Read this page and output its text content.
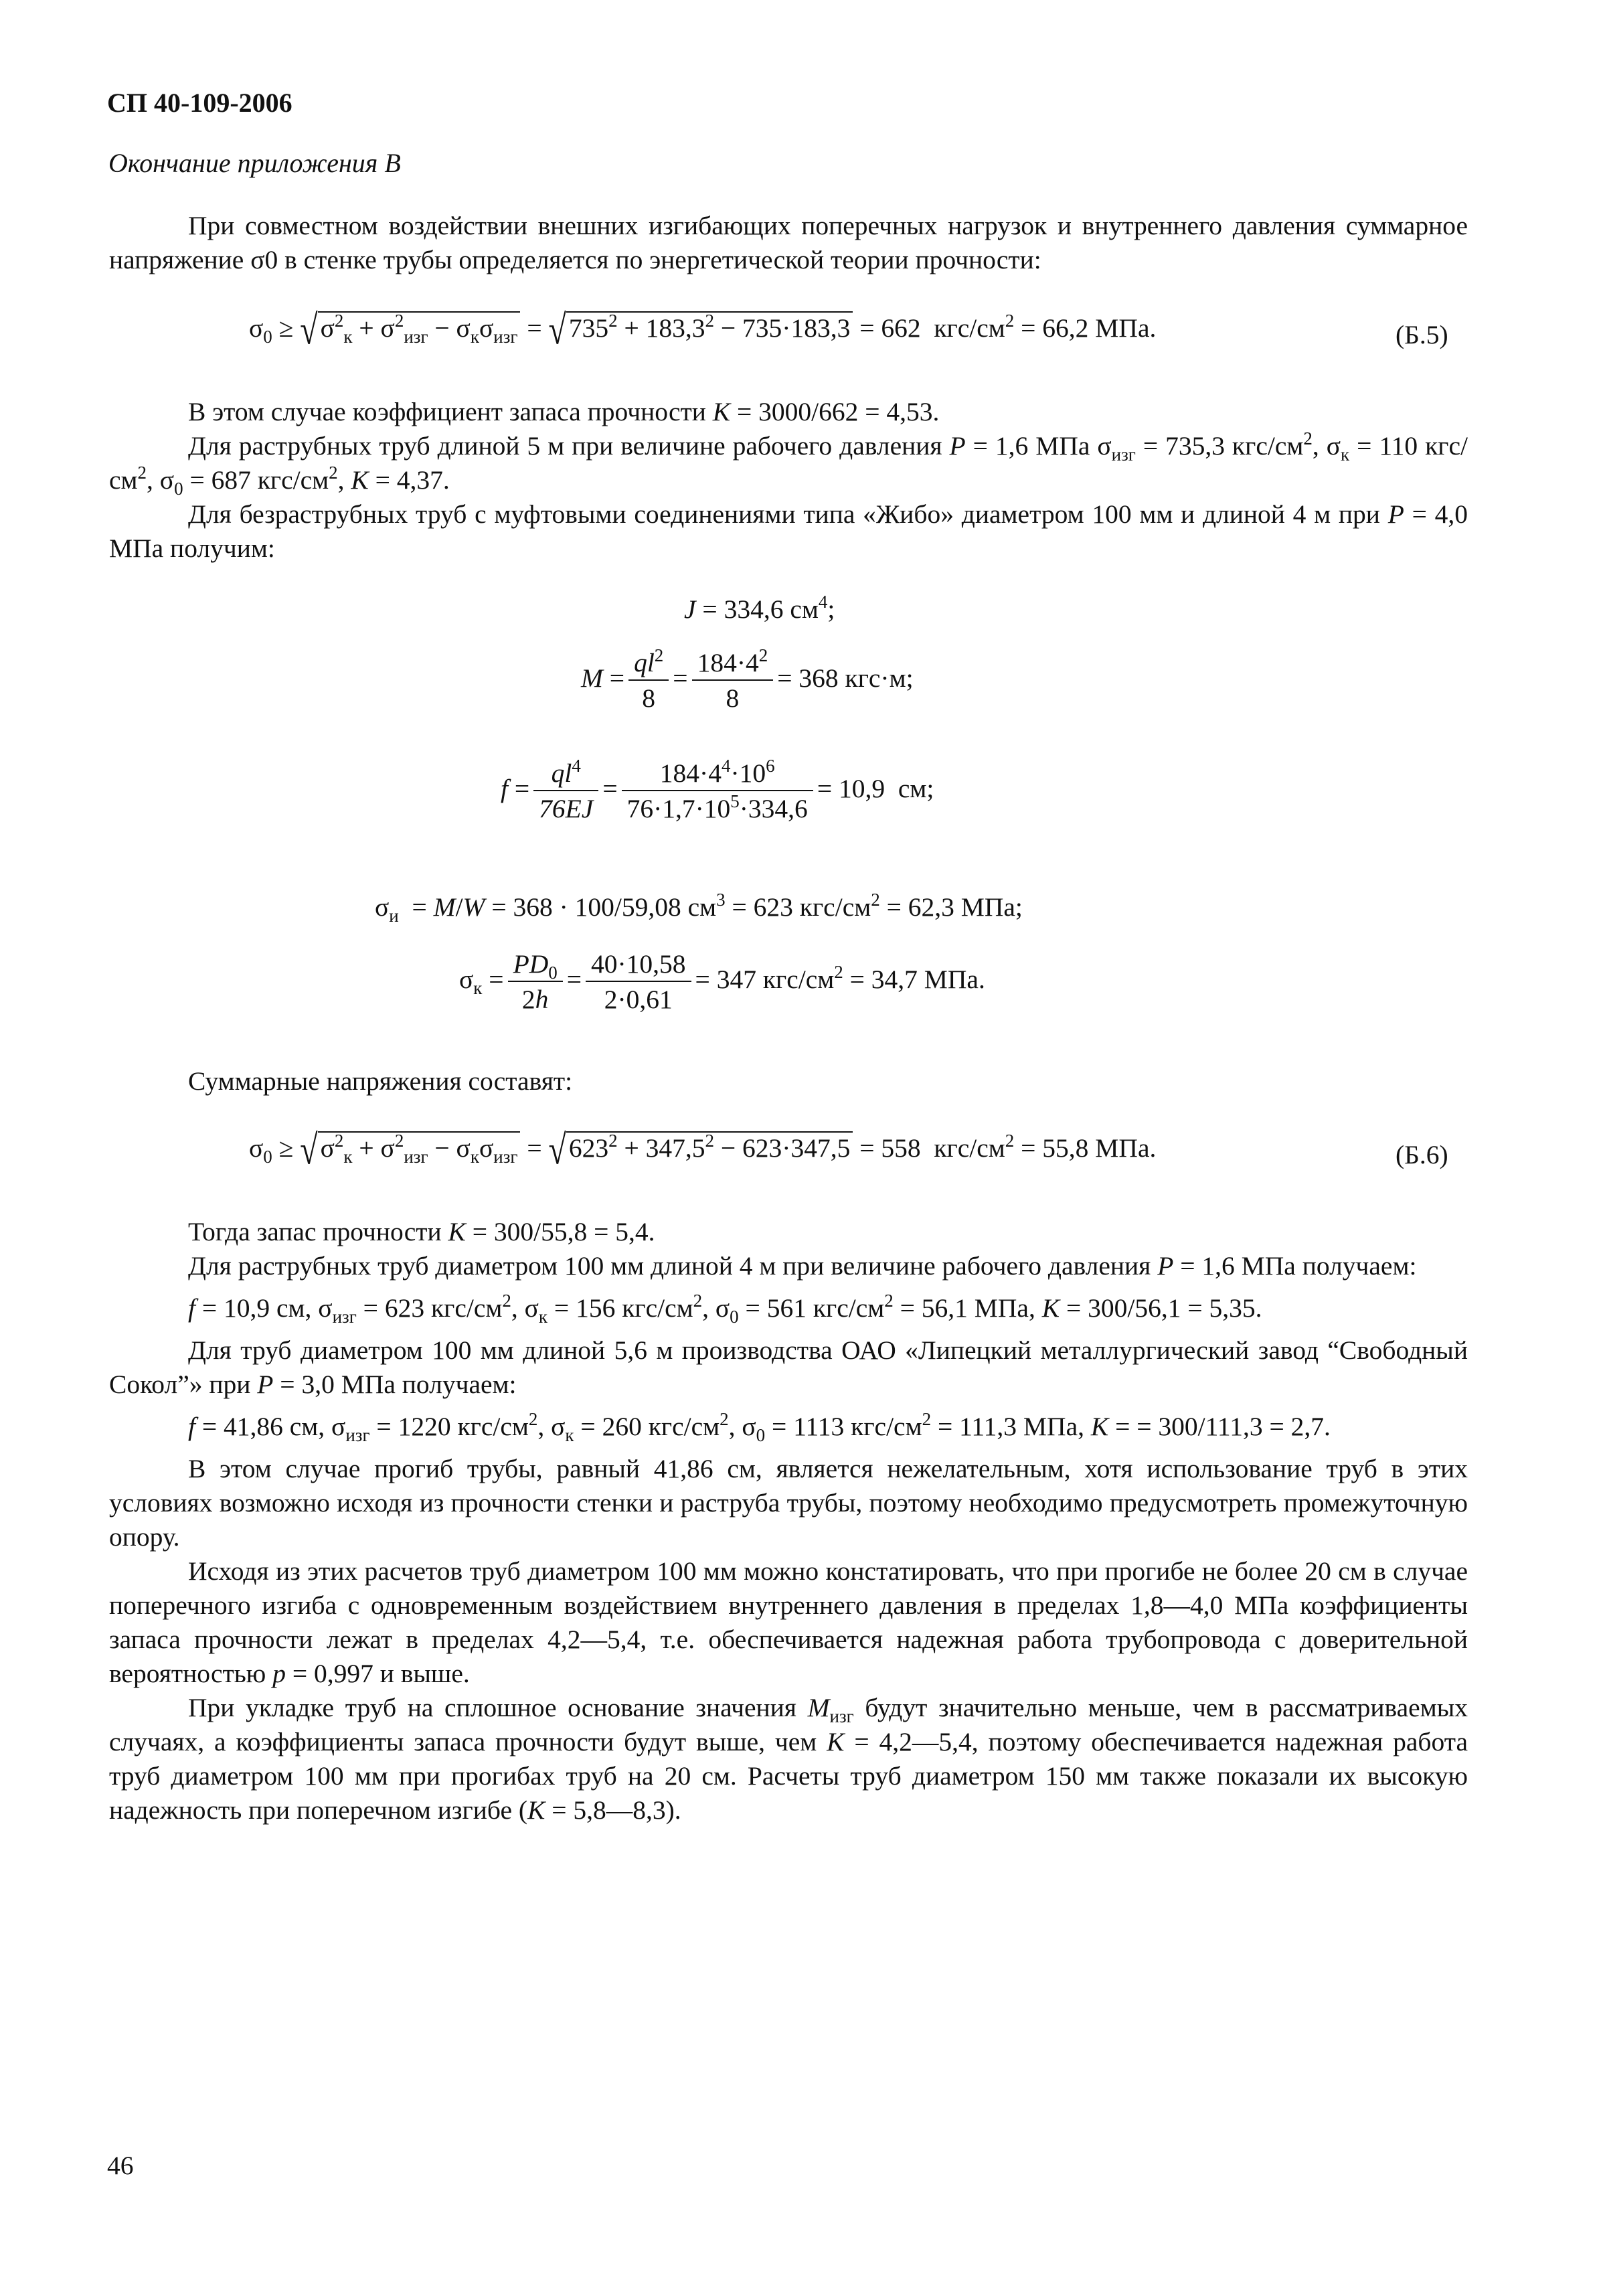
СП 40-109-2006
Окончание приложения В

При совместном воздействии внешних изгибающих поперечных нагрузок и внутреннего давления суммарное напряжение σ0 в стенке трубы определяется по энергетической теории прочности:

$\sigma_0$ ≥ √ $\sigma^2_к + \sigma^2_{изг} - \sigma_к\sigma_{изг}$ = √ $735^2 + 183,3^2 - 735\cdot 183,3 = 662$  кгс/$см^2 = 66,2$ МПа.	(Б.5)

В этом случае коэффициент запаса прочности K = 3000/662 = 4,53.

Для раструбных труб длиной 5 м при величине рабочего давления P = 1,6 МПа $\sigma_{изг} = 735,3$ кгс/$см^2$, $\sigma_к = 110$ кгс/$см^2$, $\sigma_0 = 687$ кгс/$см^2$, K = 4,37.

Для безраструбных труб с муфтовыми соединениями типа «Жибо» диаметром 100 мм и длиной 4 м при P = 4,0 МПа получим:

J = 334,6 $см^4$;
$M = \frac{ql^2}{8} = \frac{184\cdot 4^2}{8} = 368$ кгс·м;
$f = \frac{ql^4}{76EJ} = \frac{184\cdot 4^4\cdot 10^6}{76\cdot 1,7\cdot 10^5\cdot 334,6} = 10,9$  см;
$\sigma_и = M/W = 368 \cdot 100/59,08$ $см^3 = 623$ кгс/$см^2 = 62,3$ МПа;
$\sigma_к = \frac{PD_0}{2h} = \frac{40\cdot 10,58}{2\cdot 0,61} = 347$ кгс/$см^2 = 34,7$ МПа.

Суммарные напряжения составят:

$\sigma_0$ ≥ √ $\sigma^2_к + \sigma^2_{изг} - \sigma_к\sigma_{изг}$ = √ $623^2 + 347,5^2 - 623\cdot 347,5 = 558$  кгс/$см^2 = 55,8$ МПа.	(Б.6)

Тогда запас прочности K = 300/55,8 = 5,4.

Для раструбных труб диаметром 100 мм длиной 4 м при величине рабочего давления P = 1,6 МПа получаем:

f = 10,9 см, $\sigma_{изг} = 623$ кгс/$см^2$, $\sigma_к = 156$ кгс/$см^2$, $\sigma_0 = 561$ кгс/$см^2 = 56,1$ МПа, K = 300/56,1 = 5,35.

Для труб диаметром 100 мм длиной 5,6 м производства ОАО «Липецкий металлургический завод “Свободный Сокол”» при P = 3,0 МПа получаем:

f = 41,86 см, $\sigma_{изг} = 1220$ кгс/$см^2$, $\sigma_к = 260$ кгс/$см^2$, $\sigma_0 = 1113$ кгс/$см^2 = 111,3$ МПа, K = = 300/111,3 = 2,7.

В этом случае прогиб трубы, равный 41,86 см, является нежелательным, хотя использование труб в этих условиях возможно исходя из прочности стенки и раструба трубы, поэтому необходимо предусмотреть промежуточную опору.

Исходя из этих расчетов труб диаметром 100 мм можно констатировать, что при прогибе не более 20 см в случае поперечного изгиба с одновременным воздействием внутреннего давления в пределах 1,8—4,0 МПа коэффициенты запаса прочности лежат в пределах 4,2—5,4, т.е. обеспечивается надежная работа трубопровода с доверительной вероятностью p = 0,997 и выше.

При укладке труб на сплошное основание значения $M_{изг}$ будут значительно меньше, чем в рассматриваемых случаях, а коэффициенты запаса прочности будут выше, чем K = 4,2—5,4, поэтому обеспечивается надежная работа труб диаметром 100 мм при прогибах труб на 20 см. Расчеты труб диаметром 150 мм также показали их высокую надежность при поперечном изгибе (K = 5,8—8,3).

46
